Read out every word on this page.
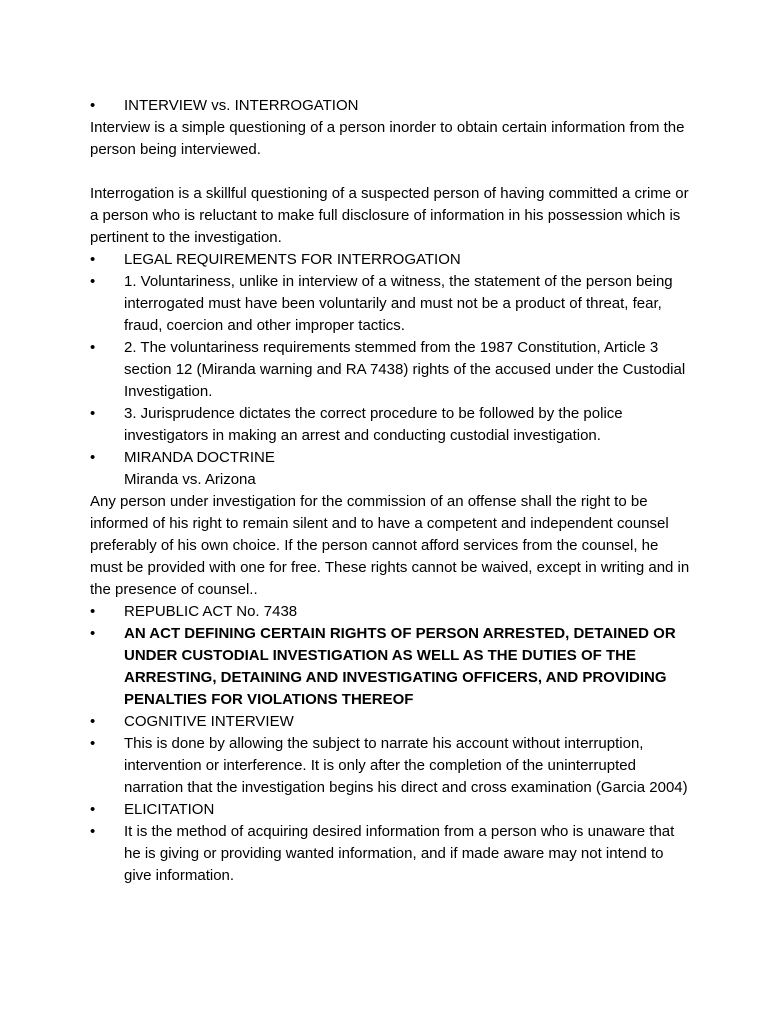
•	INTERVIEW vs. INTERROGATION

Interview is a simple questioning of a person inorder to obtain certain information from the person being interviewed.

Interrogation is a skillful questioning of a suspected person of having committed a crime or a person who is reluctant to make full disclosure of information in his possession which is pertinent to the investigation.

•	LEGAL REQUIREMENTS FOR INTERROGATION
•	1. Voluntariness, unlike in interview of a witness, the statement of the person being interrogated must have been voluntarily and must not be a product of threat, fear, fraud, coercion and other improper tactics.
•	2. The voluntariness requirements stemmed from the 1987 Constitution, Article 3 section 12 (Miranda warning and RA 7438) rights of the accused under the Custodial Investigation.
•	3. Jurisprudence dictates the correct procedure to be followed by the police investigators in making an arrest and conducting custodial investigation.
•	MIRANDA DOCTRINE
Miranda vs. Arizona

Any person under investigation for the commission of an offense shall the right to be informed of his right to remain silent and to have a competent and independent counsel preferably of his own choice. If the person cannot afford services from the counsel, he must be provided with one for free. These rights cannot be waived, except in writing and in the presence of counsel..

•	REPUBLIC ACT No. 7438
•	AN ACT DEFINING CERTAIN RIGHTS OF PERSON ARRESTED, DETAINED OR UNDER CUSTODIAL INVESTIGATION AS WELL AS THE DUTIES OF THE ARRESTING, DETAINING AND INVESTIGATING OFFICERS, AND PROVIDING PENALTIES FOR VIOLATIONS THEREOF
•	COGNITIVE INTERVIEW
•	This is done by allowing the subject to narrate his account without interruption, intervention or interference. It is only after the completion of the uninterrupted narration that the investigation begins his direct and cross examination (Garcia 2004)
•	ELICITATION
•	It is the method of acquiring desired information from a person who is unaware that he is giving or providing wanted information, and if made aware may not intend to give information.
